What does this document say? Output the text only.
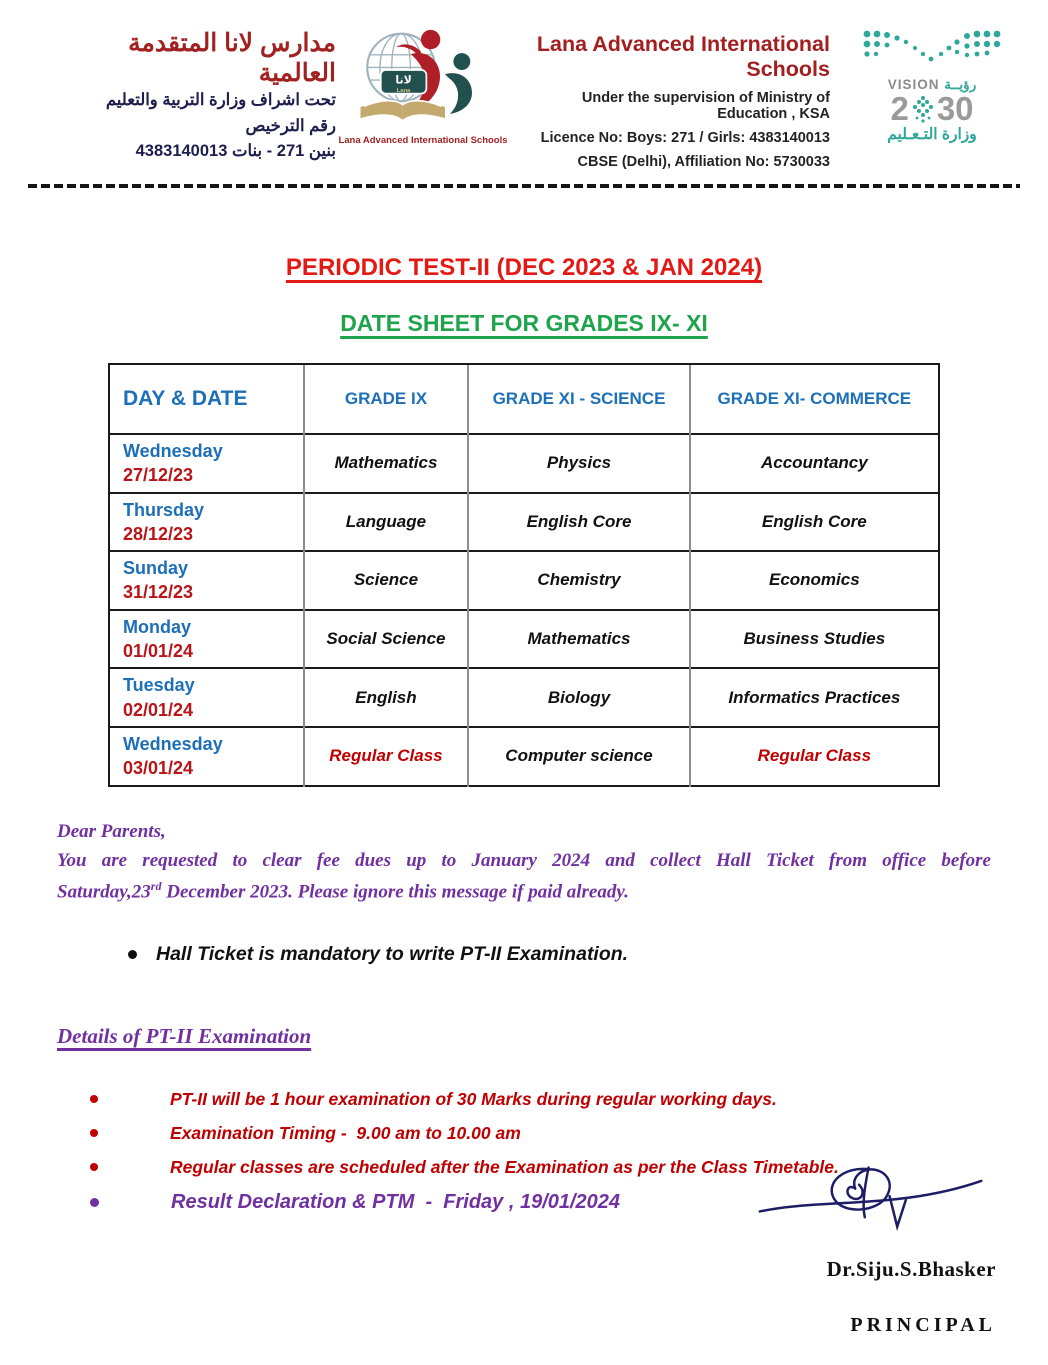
مدارس لانا المتقدمة العالمية
تحت اشراف وزارة التربية والتعليم
رقم الترخيص
بنين 271 - بنات 4383140013
لانا
Lana
Lana Advanced International Schools
Lana Advanced International Schools
Under the supervision of Ministry of Education , KSA
Licence No: Boys: 271 / Girls: 4383140013
CBSE (Delhi), Affiliation No: 5730033
VISION رؤيــة
2 30
وزارة التـعـليم
PERIODIC TEST-II (DEC 2023 & JAN 2024)
DATE SHEET FOR GRADES IX- XI
DAY & DATE	GRADE IX	GRADE XI - SCIENCE	GRADE XI- COMMERCE

Wednesday
27/12/23	Mathematics	Physics	Accountancy

Thursday
28/12/23	Language	English Core	English Core

Sunday
31/12/23	Science	Chemistry	Economics

Monday
01/01/24	Social Science	Mathematics	Business Studies

Tuesday
02/01/24	English	Biology	Informatics Practices

Wednesday
03/01/24	Regular Class	Computer science	Regular Class
Dear Parents,
You are requested to clear fee dues up to January 2024 and collect Hall Ticket from office before
Saturday,23rd December 2023. Please ignore this message if paid already.
Hall Ticket is mandatory to write PT-II Examination.
Details of PT-II Examination
PT-II will be 1 hour examination of 30 Marks during regular working days.
Examination Timing -  9.00 am to 10.00 am
Regular classes are scheduled after the Examination as per the Class Timetable.
Result Declaration & PTM  -  Friday , 19/01/2024
Dr.Siju.S.Bhasker
PRINCIPAL
